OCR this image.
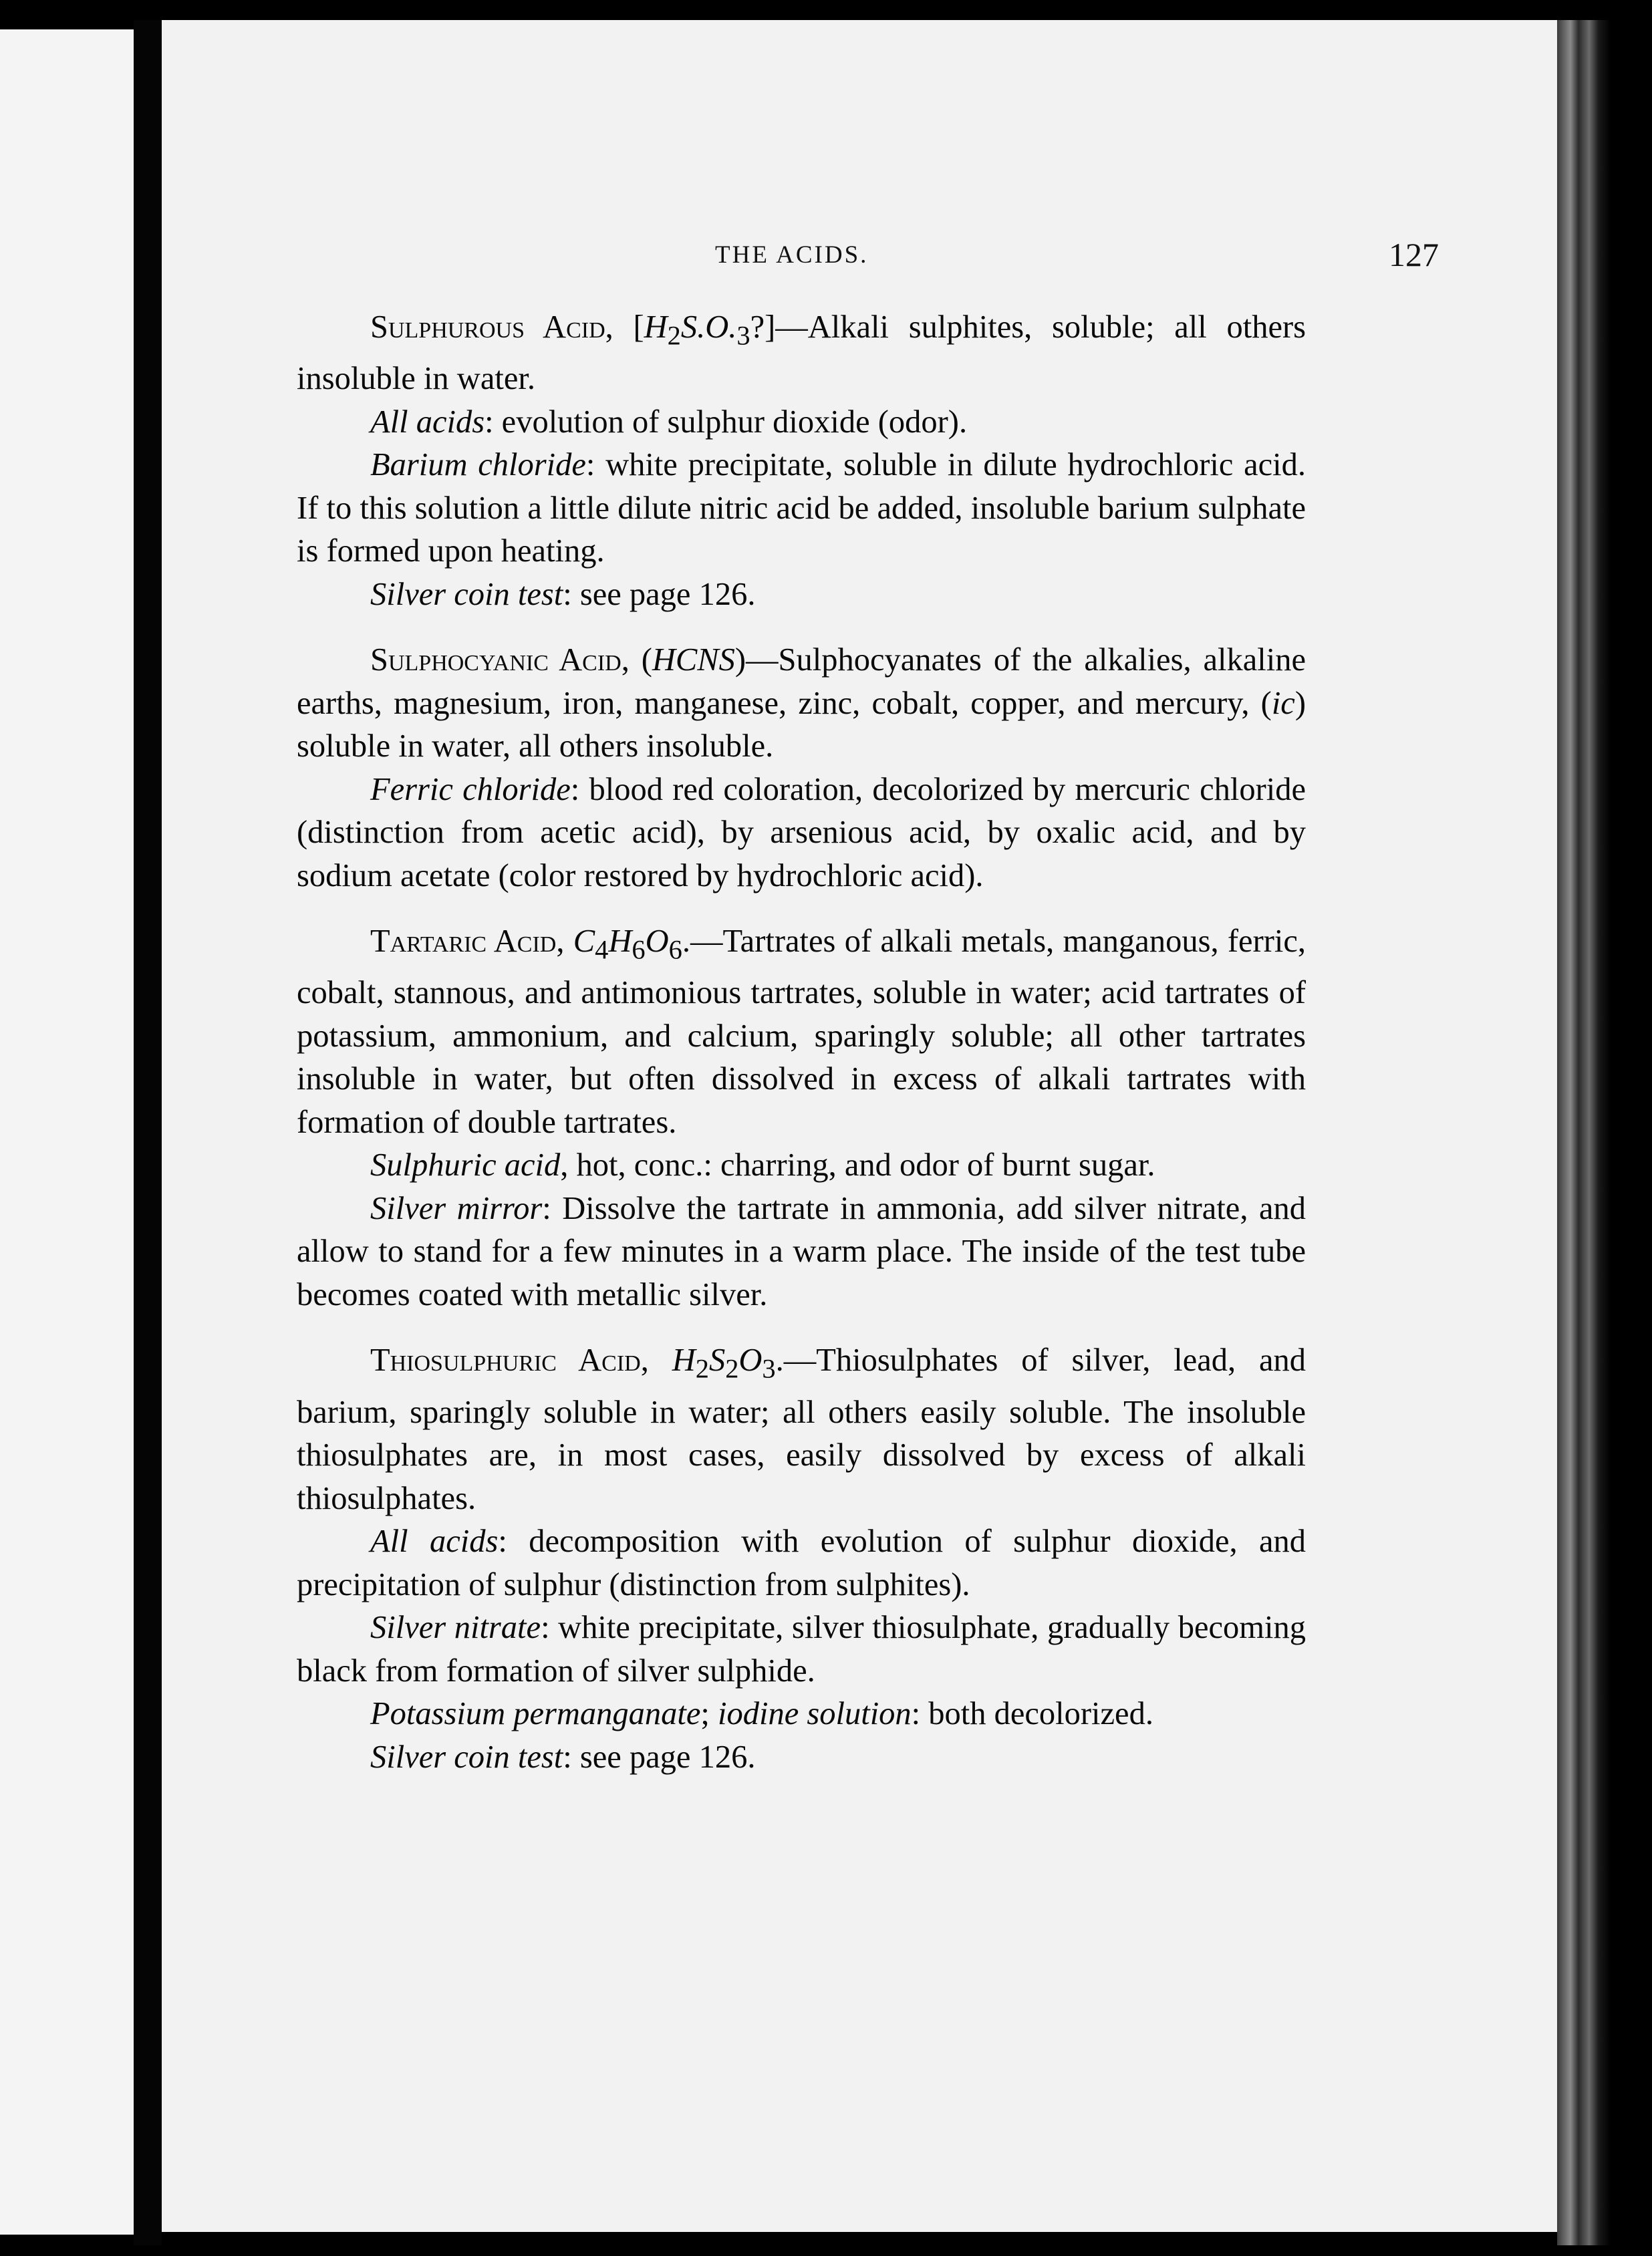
THE ACIDS.	127

Sulphurous Acid, $[H_2S.O._3?]—Alkali$ sulphites, soluble; all others insoluble in water.

All acids: evolution of sulphur dioxide (odor).

Barium chloride: white precipitate, soluble in dilute hydrochloric acid. If to this solution a little dilute nitric acid be added, insoluble barium sulphate is formed upon heating.

Silver coin test: see page 126.

Sulphocyanic Acid, (HCNS)—Sulphocyanates of the alkalies, alkaline earths, magnesium, iron, manganese, zinc, cobalt, copper, and mercury, (ic) soluble in water, all others insoluble.

Ferric chloride: blood red coloration, decolorized by mercuric chloride (distinction from acetic acid), by arsenious acid, by oxalic acid, and by sodium acetate (color restored by hydrochloric acid).

Tartaric Acid, $C_4H_6O_6.—Tartrates$ of alkali metals, manganous, ferric, cobalt, stannous, and antimonious tartrates, soluble in water; acid tartrates of potassium, ammonium, and calcium, sparingly soluble; all other tartrates insoluble in water, but often dissolved in excess of alkali tartrates with formation of double tartrates.

Sulphuric acid, hot, conc.: charring, and odor of burnt sugar.

Silver mirror: Dissolve the tartrate in ammonia, add silver nitrate, and allow to stand for a few minutes in a warm place. The inside of the test tube becomes coated with metallic silver.

Thiosulphuric Acid, $H_2S_2O_3.—Thiosulphates$ of silver, lead, and barium, sparingly soluble in water; all others easily soluble. The insoluble thiosulphates are, in most cases, easily dissolved by excess of alkali thiosulphates.

All acids: decomposition with evolution of sulphur dioxide, and precipitation of sulphur (distinction from sulphites).

Silver nitrate: white precipitate, silver thiosulphate, gradually becoming black from formation of silver sulphide.

Potassium permanganate; iodine solution: both decolorized.

Silver coin test: see page 126.
